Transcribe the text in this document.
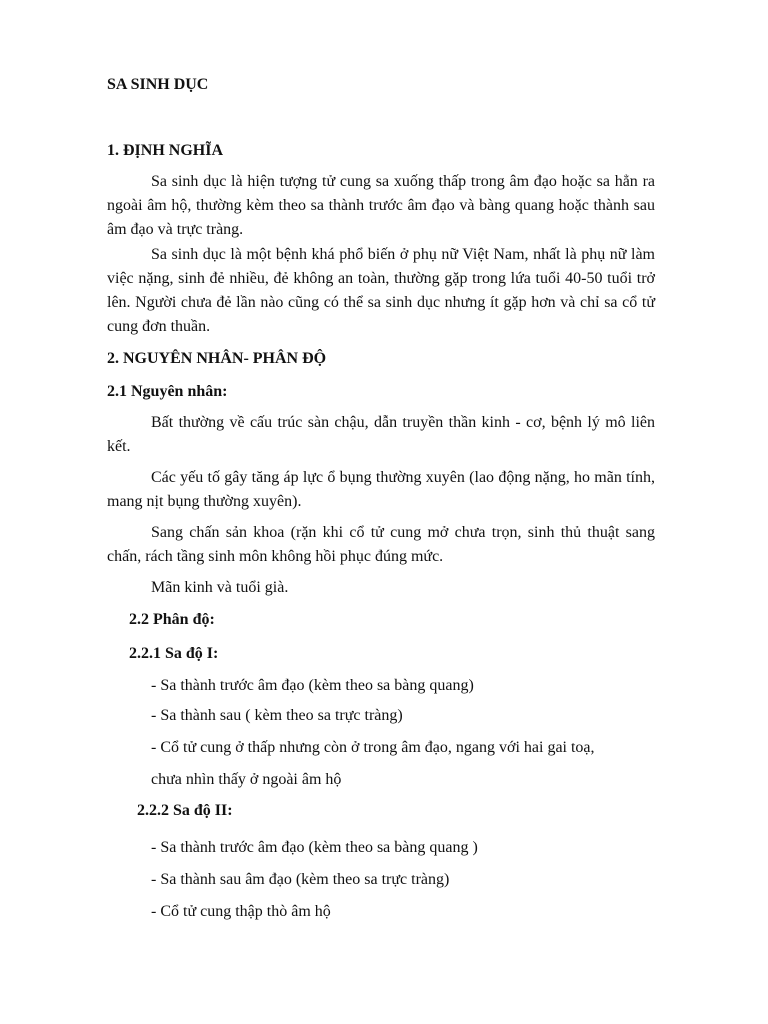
SA SINH DỤC
1. ĐỊNH NGHĨA
Sa sinh dục là hiện tượng tử cung sa xuống thấp trong âm đạo hoặc sa hẳn ra ngoài âm hộ, thường kèm theo sa thành trước âm đạo và bàng quang hoặc thành sau âm đạo và trực tràng.
Sa sinh dục là một bệnh khá phổ biến ở phụ nữ Việt Nam, nhất là phụ nữ làm việc nặng, sinh đẻ nhiều, đẻ không an toàn, thường gặp trong lứa tuổi 40-50 tuổi trở lên. Người chưa đẻ lần nào cũng có thể sa sinh dục nhưng ít gặp hơn và chỉ sa cổ tử cung đơn thuần.
2. NGUYÊN NHÂN- PHÂN ĐỘ
2.1 Nguyên nhân:
Bất thường về cấu trúc sàn chậu, dẫn truyền thần kinh - cơ, bệnh lý mô liên kết.
Các yếu tố gây tăng áp lực ổ bụng thường xuyên (lao động nặng, ho mãn tính, mang nịt bụng thường xuyên).
Sang chấn sản khoa (rặn khi cổ tử cung mở chưa trọn, sinh thủ thuật sang chấn, rách tầng sinh môn không hồi phục đúng mức.
Mãn kinh và tuổi già.
2.2 Phân độ:
2.2.1 Sa độ I:
- Sa thành trước âm đạo (kèm theo sa bàng quang)
- Sa thành sau ( kèm theo sa trực tràng)
- Cổ tử cung ở thấp nhưng còn ở trong âm đạo, ngang với hai gai toạ,
chưa nhìn thấy ở ngoài âm hộ
2.2.2 Sa độ II:
- Sa thành trước âm đạo (kèm theo sa bàng quang )
- Sa thành sau âm đạo (kèm theo sa trực tràng)
- Cổ tử cung thập thò âm hộ
